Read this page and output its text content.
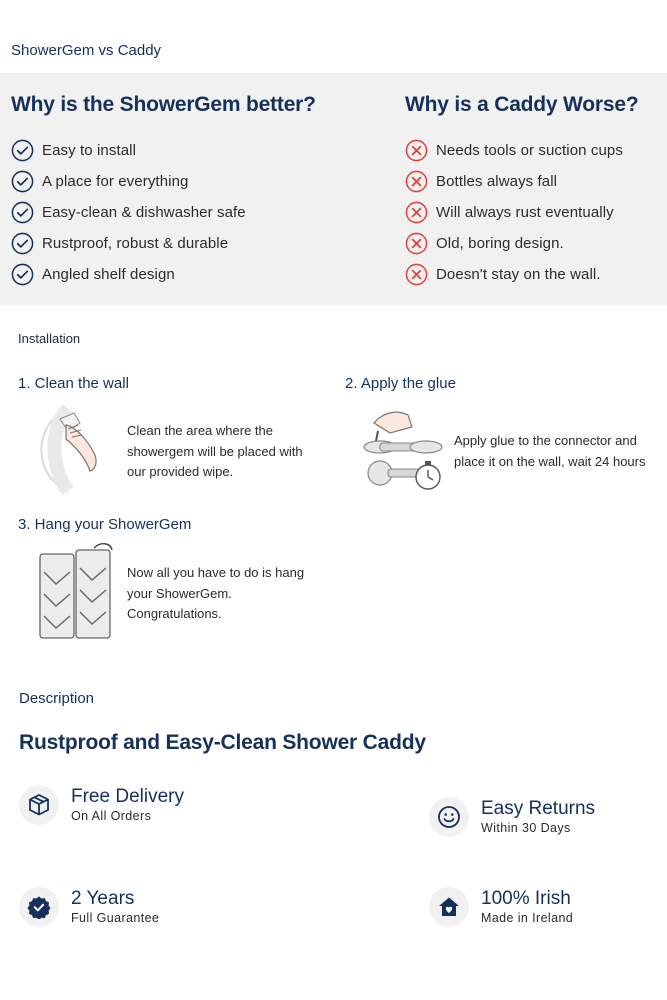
ShowerGem vs Caddy
Why is the ShowerGem better?	Why is a Caddy Worse?
Easy to install
A place for everything
Easy-clean & dishwasher safe
Rustproof, robust & durable
Angled shelf design
Needs tools or suction cups
Bottles always fall
Will always rust eventually
Old, boring design.
Doesn't stay on the wall.
Installation
1. Clean the wall
Clean the area where the
showergem will be placed with
our provided wipe.
2. Apply the glue
Apply glue to the connector and
place it on the wall, wait 24 hours
3. Hang your ShowerGem
Now all you have to do is hang
your ShowerGem.
Congratulations.
Description
Rustproof and Easy-Clean Shower Caddy
Free Delivery
On All Orders	Easy Returns
Within 30 Days
2 Years
Full Guarantee
100% Irish
Made in Ireland
